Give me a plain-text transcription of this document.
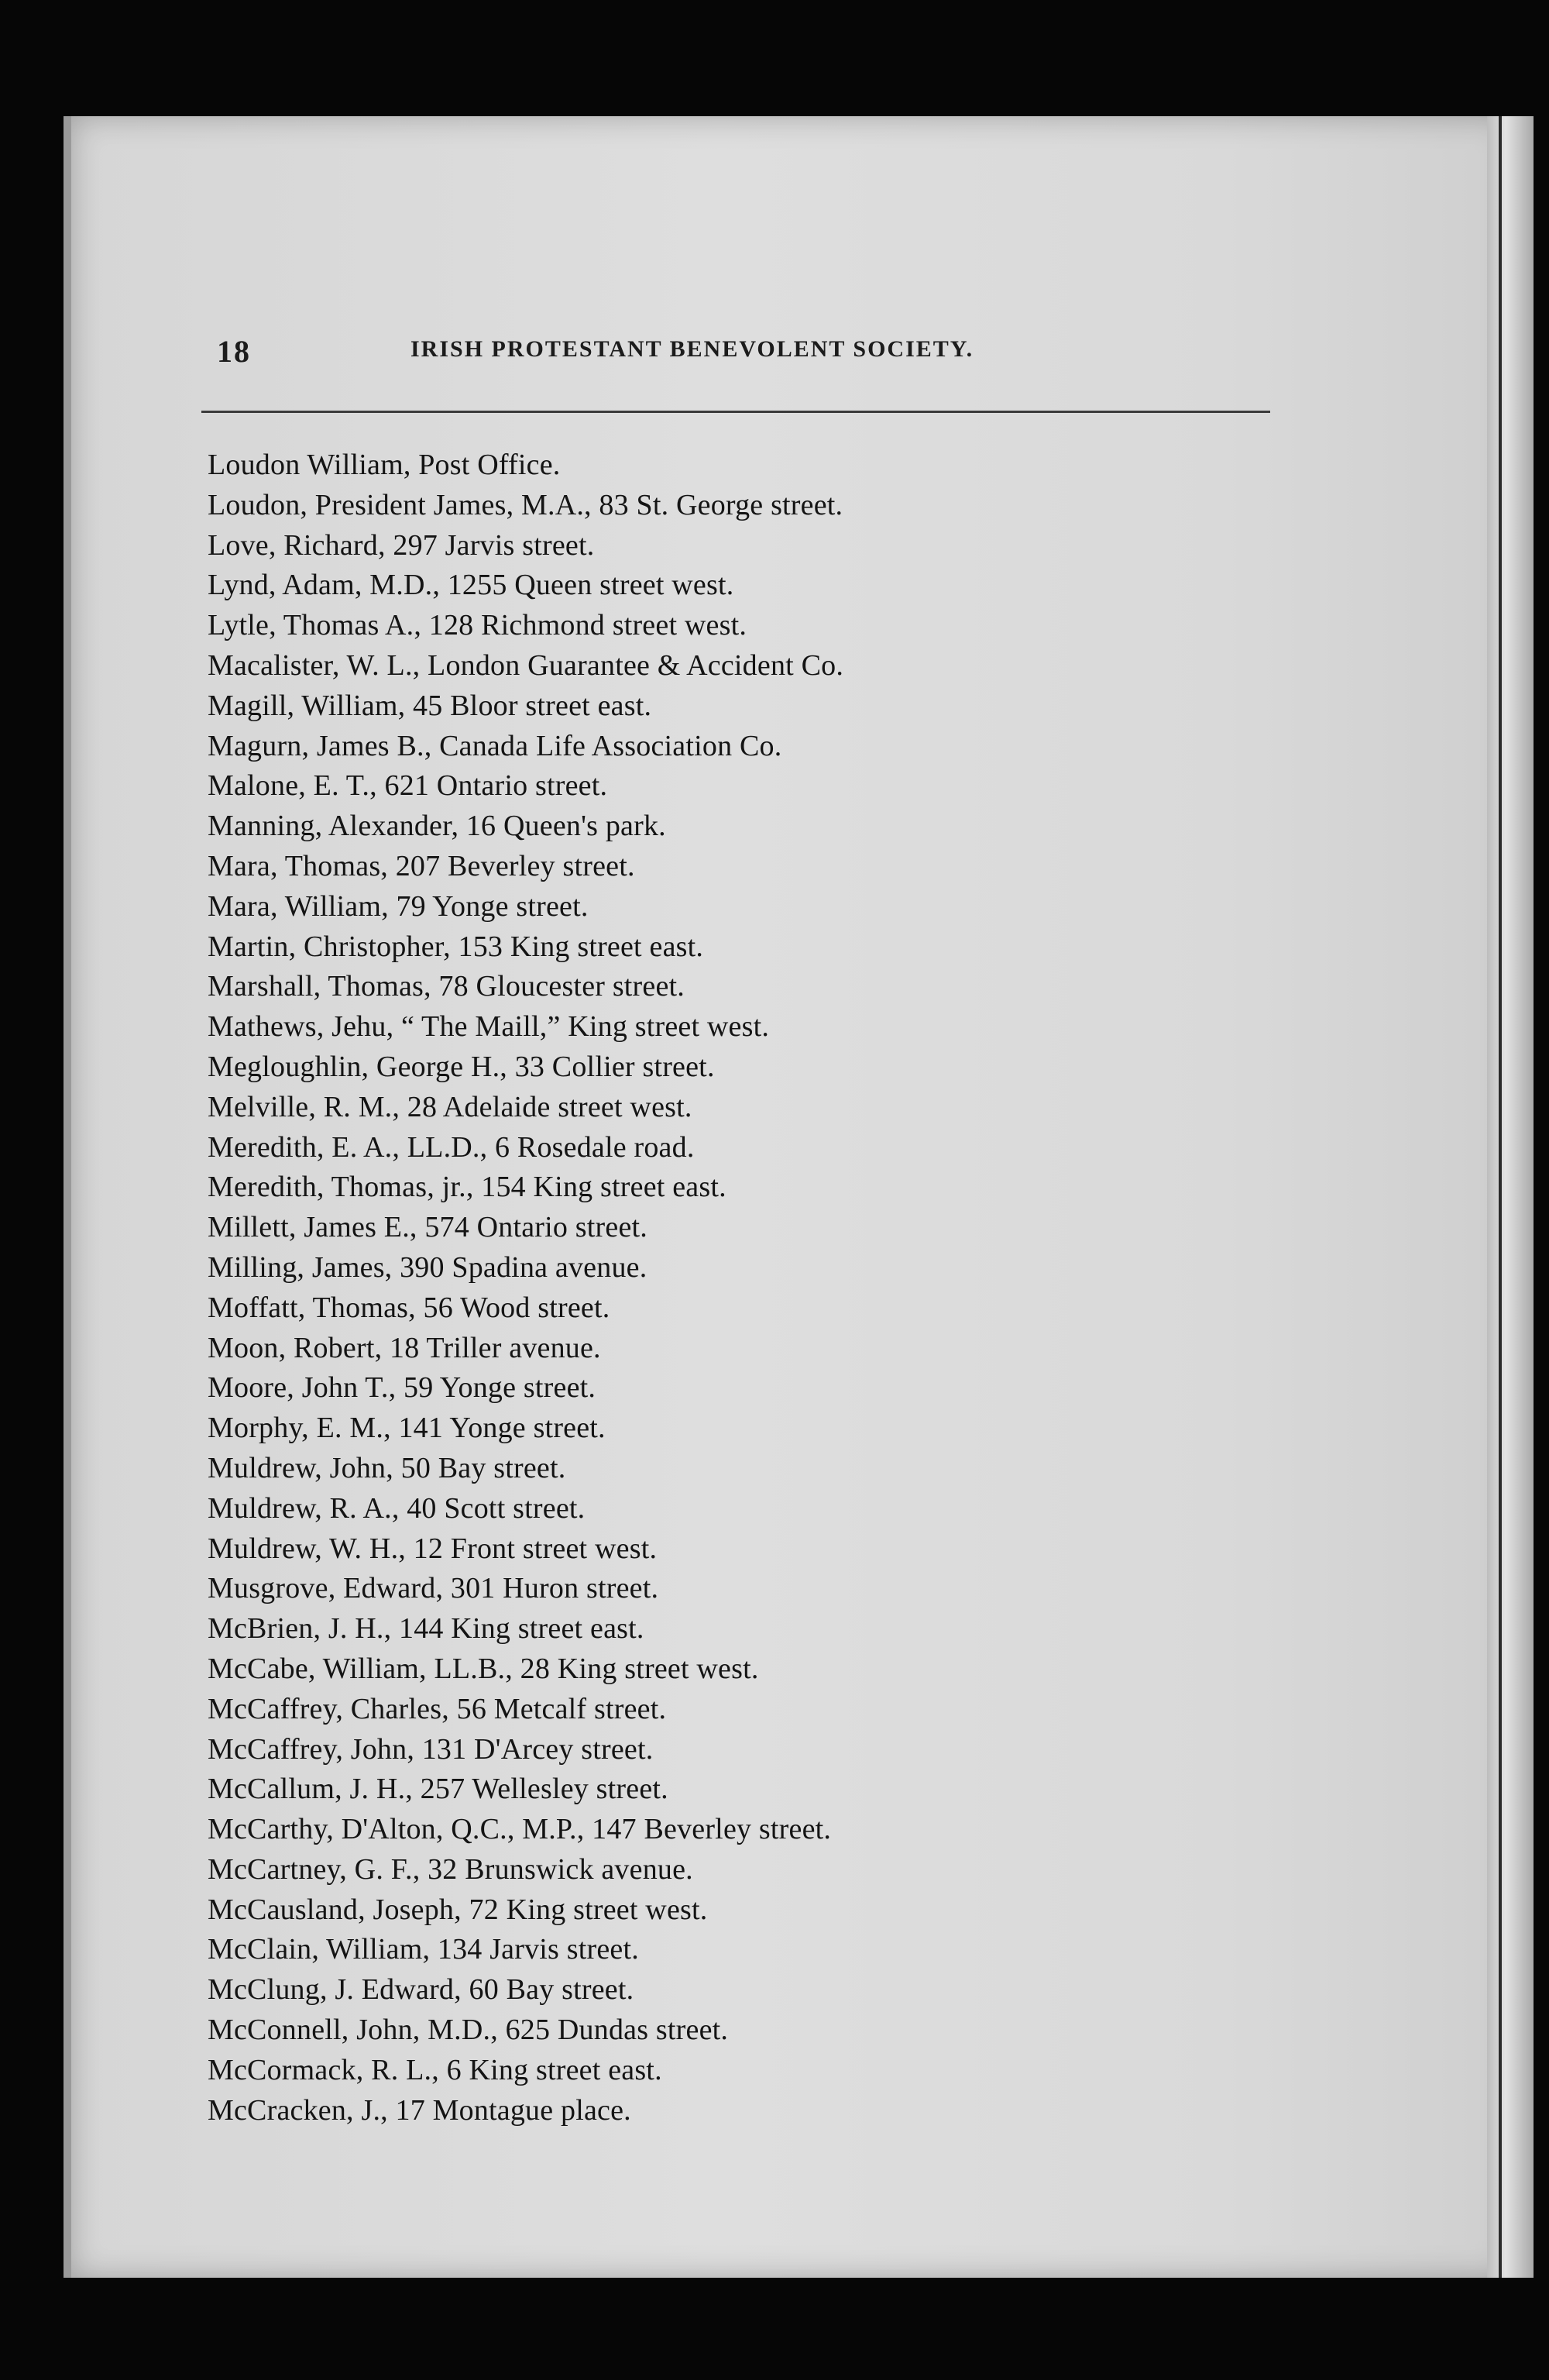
18	IRISH PROTESTANT BENEVOLENT SOCIETY.
Loudon William, Post Office.
Loudon, President James, M.A., 83 St. George street.
Love, Richard, 297 Jarvis street.
Lynd, Adam, M.D., 1255 Queen street west.
Lytle, Thomas A., 128 Richmond street west.
Macalister, W. L., London Guarantee & Accident Co.
Magill, William, 45 Bloor street east.
Magurn, James B., Canada Life Association Co.
Malone, E. T., 621 Ontario street.
Manning, Alexander, 16 Queen's park.
Mara, Thomas, 207 Beverley street.
Mara, William, 79 Yonge street.
Martin, Christopher, 153 King street east.
Marshall, Thomas, 78 Gloucester street.
Mathews, Jehu, “ The Maill,” King street west.
Megloughlin, George H., 33 Collier street.
Melville, R. M., 28 Adelaide street west.
Meredith, E. A., LL.D., 6 Rosedale road.
Meredith, Thomas, jr., 154 King street east.
Millett, James E., 574 Ontario street.
Milling, James, 390 Spadina avenue.
Moffatt, Thomas, 56 Wood street.
Moon, Robert, 18 Triller avenue.
Moore, John T., 59 Yonge street.
Morphy, E. M., 141 Yonge street.
Muldrew, John, 50 Bay street.
Muldrew, R. A., 40 Scott street.
Muldrew, W. H., 12 Front street west.
Musgrove, Edward, 301 Huron street.
McBrien, J. H., 144 King street east.
McCabe, William, LL.B., 28 King street west.
McCaffrey, Charles, 56 Metcalf street.
McCaffrey, John, 131 D'Arcey street.
McCallum, J. H., 257 Wellesley street.
McCarthy, D'Alton, Q.C., M.P., 147 Beverley street.
McCartney, G. F., 32 Brunswick avenue.
McCausland, Joseph, 72 King street west.
McClain, William, 134 Jarvis street.
McClung, J. Edward, 60 Bay street.
McConnell, John, M.D., 625 Dundas street.
McCormack, R. L., 6 King street east.
McCracken, J., 17 Montague place.
